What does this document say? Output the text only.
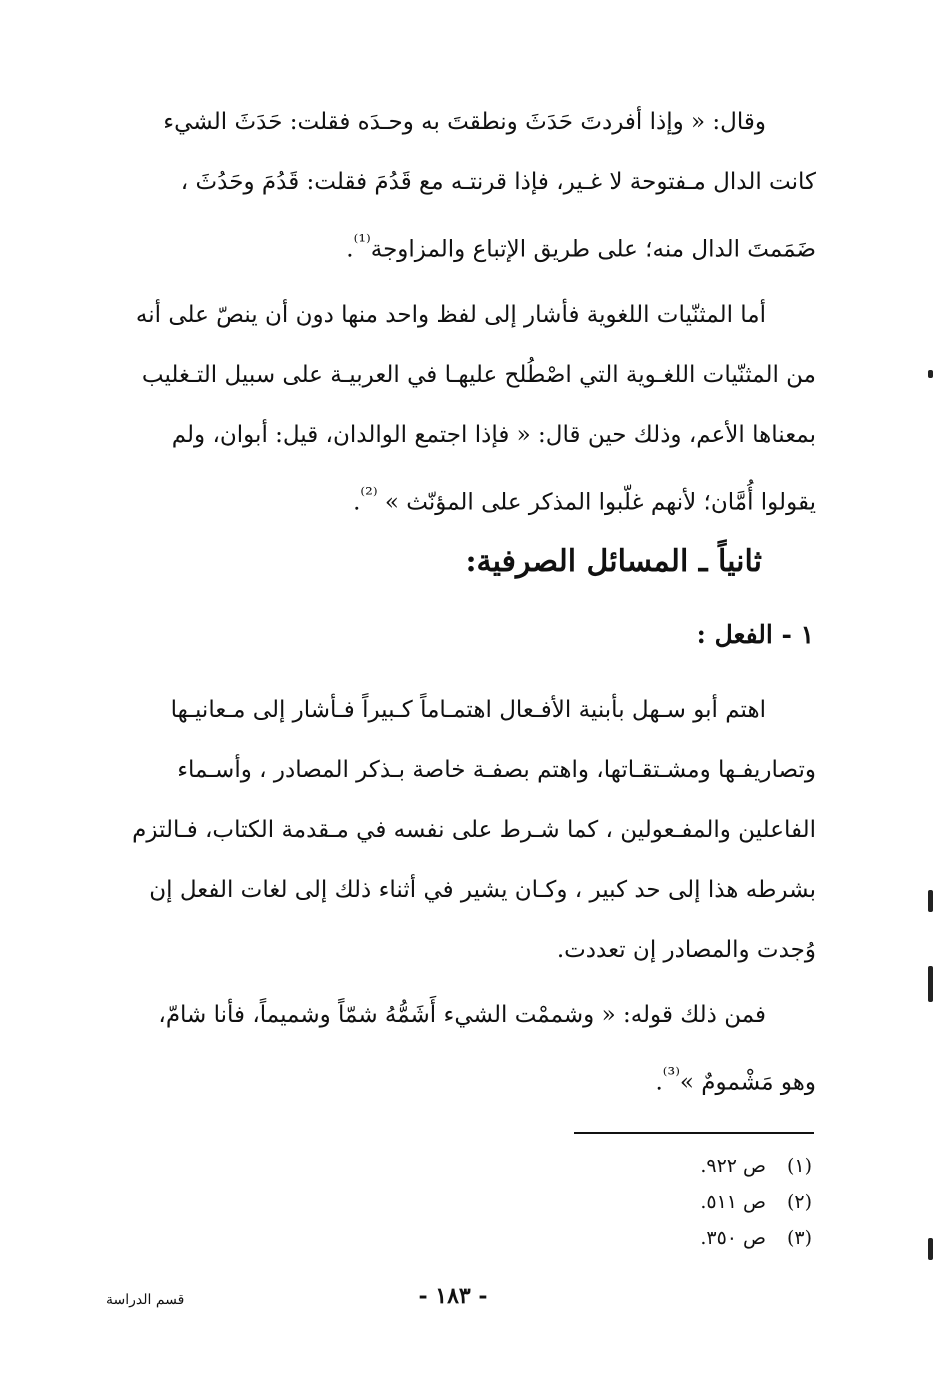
وقال: « وإذا أفردتَ حَدَثَ ونطقتَ به وحـدَه فقلت: حَدَثَ الشيء
كانت الدال مـفتوحة لا غـير، فإذا قرنتـه مع قَدُمَ فقلت: قَدُمَ وحَدُثَ ،
ضَمَمتَ الدال منه؛ على طريق الإتباع والمزاوجة$^{^{(1)}}$.
أما المثنّيات اللغوية فأشار إلى لفظ واحد منها دون أن ينصّ على أنه
من المثنّيات اللغـوية التي اصْطُلح عليهـا في العربيـة على سبيل التـغليب
بمعناها الأعم، وذلك حين قال: « فإذا اجتمع الوالدان، قيل: أبوان، ولم
يقولوا أُمَّان؛ لأنهم غلّبوا المذكر على المؤنّث » $^{^{(2)}}$.
ثانياً ـ المسائل الصرفية:
١ - الفعل :
اهتم أبو سـهل بأبنية الأفـعال اهتمـاماً كـبيراً فـأشار إلى مـعانيـها
وتصاريفـها ومشـتقـاتها، واهتم بصفـة خاصة بـذكر المصادر ، وأسـماء
الفاعلين والمفـعولين ، كما شـرط على نفسه في مـقدمة الكتاب، فـالتزم
بشرطه هذا إلى حد كبير ، وكـان يشير في أثناء ذلك إلى لغات الفعل إن
وُجدت والمصادر إن تعددت.
فمن ذلك قوله: « وشممْت الشيء أَشَمُّهُ شمّاً وشميماً، فأنا شامّ،
وهو مَشْمومٌ »$^{^{(3)}}$.
(١)ص ٩٢٢.
(٢)ص ٥١١.
(٣)ص ٣٥٠.
- ١٨٣ -
قسم الدراسة
